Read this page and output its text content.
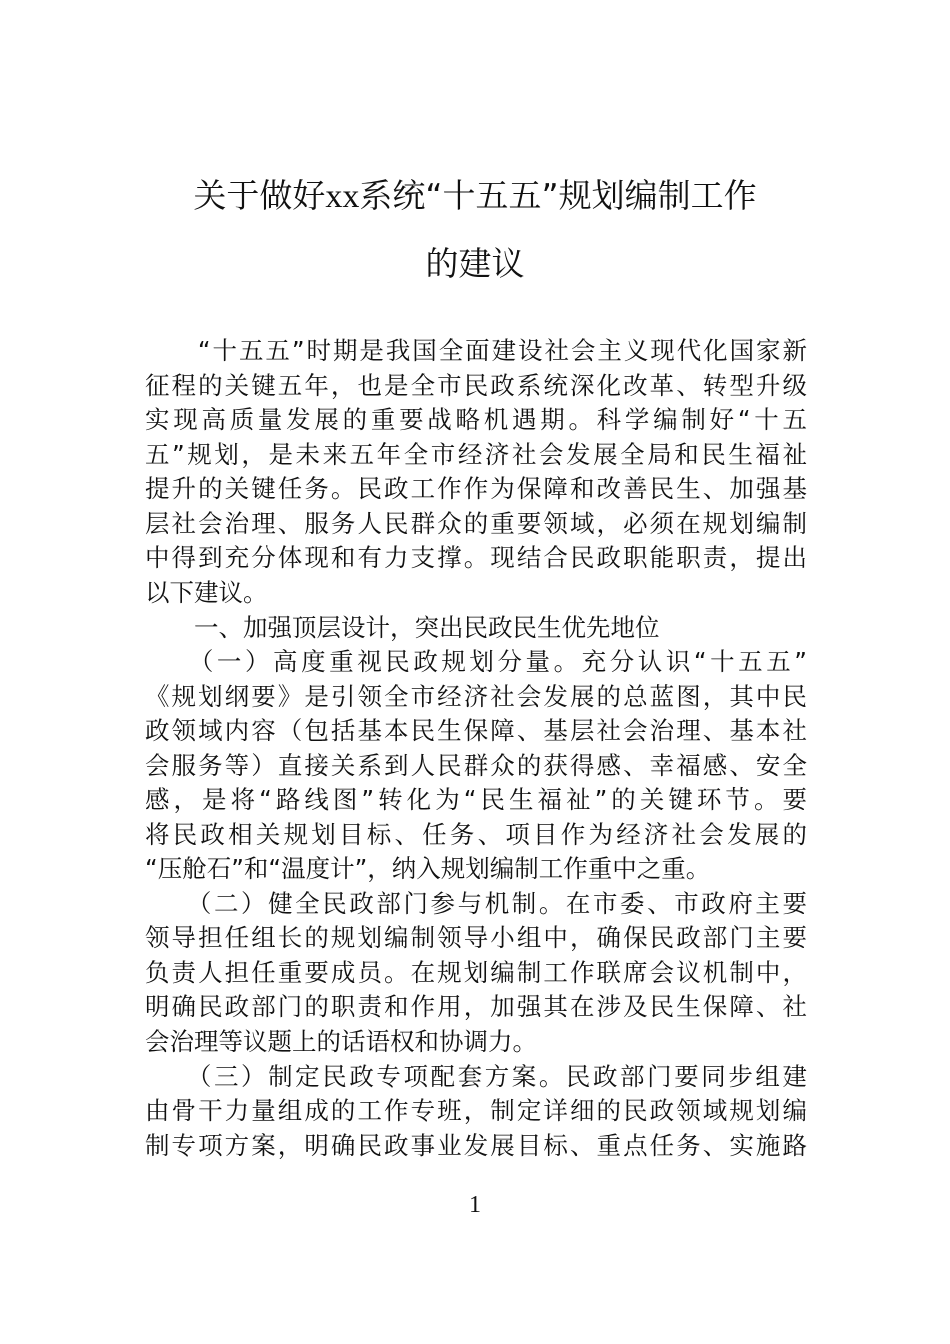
关于做好xx系统“十五五”规划编制工作
的建议
　　“十五五”时期是我国全面建设社会主义现代化国家新
征程的关键五年，也是全市民政系统深化改革、转型升级
实现高质量发展的重要战略机遇期。科学编制好“十五
五”规划，是未来五年全市经济社会发展全局和民生福祉
提升的关键任务。民政工作作为保障和改善民生、加强基
层社会治理、服务人民群众的重要领域，必须在规划编制
中得到充分体现和有力支撑。现结合民政职能职责，提出
以下建议。
　　一、加强顶层设计，突出民政民生优先地位
　　（一）高度重视民政规划分量。充分认识“十五五”
《规划纲要》是引领全市经济社会发展的总蓝图，其中民
政领域内容（包括基本民生保障、基层社会治理、基本社
会服务等）直接关系到人民群众的获得感、幸福感、安全
感，是将“路线图”转化为“民生福祉”的关键环节。要
将民政相关规划目标、任务、项目作为经济社会发展的
“压舱石”和“温度计”，纳入规划编制工作重中之重。
　　（二）健全民政部门参与机制。在市委、市政府主要
领导担任组长的规划编制领导小组中，确保民政部门主要
负责人担任重要成员。在规划编制工作联席会议机制中，
明确民政部门的职责和作用，加强其在涉及民生保障、社
会治理等议题上的话语权和协调力。
　　（三）制定民政专项配套方案。民政部门要同步组建
由骨干力量组成的工作专班，制定详细的民政领域规划编
制专项方案，明确民政事业发展目标、重点任务、实施路
1
